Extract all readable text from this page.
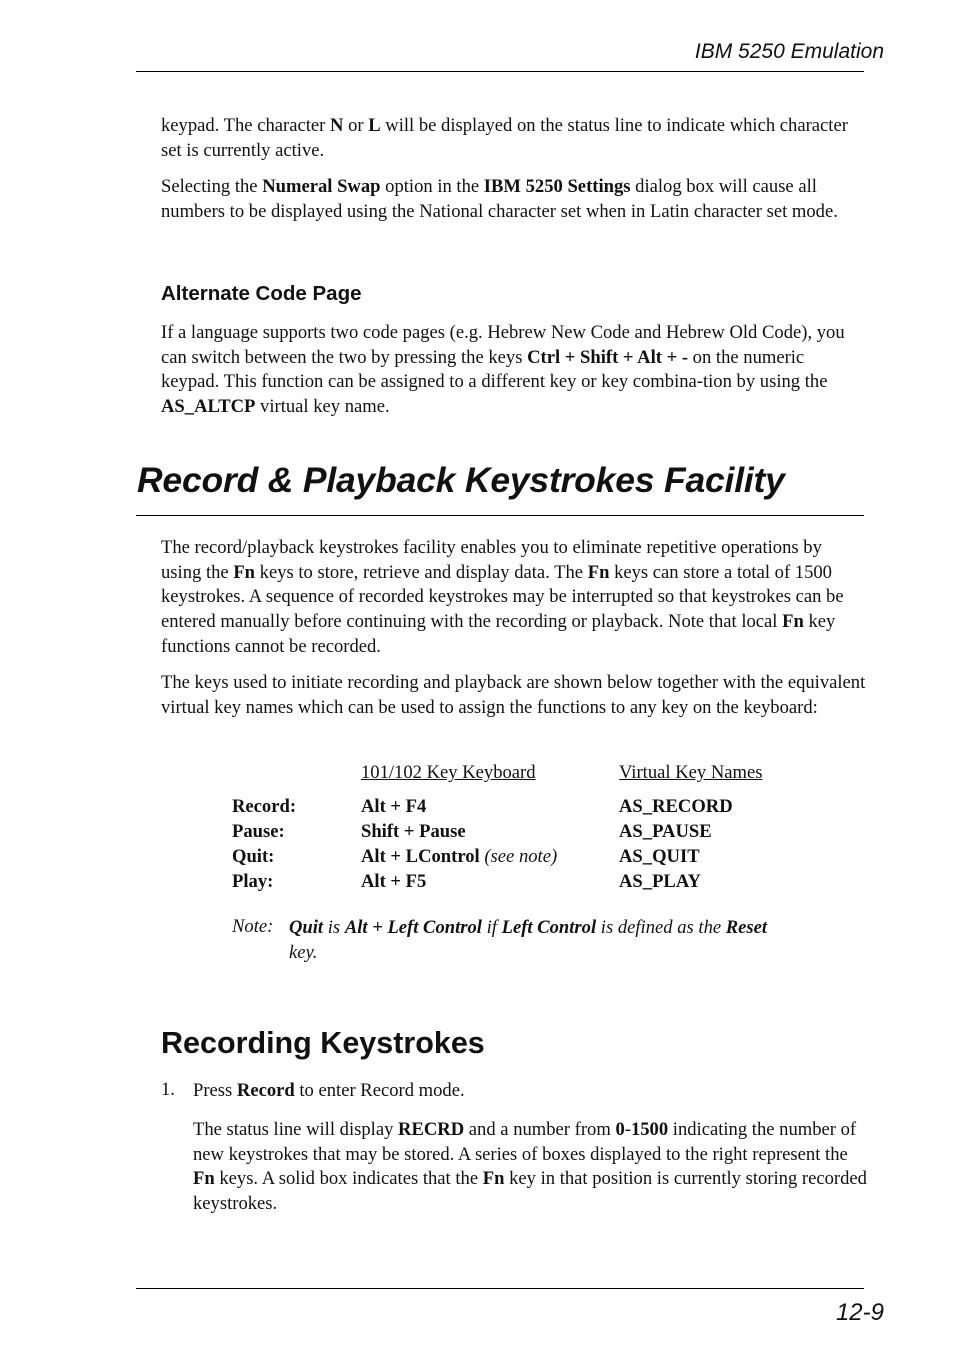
IBM 5250 Emulation
keypad. The character N or L will be displayed on the status line to indicate which character set is currently active.
Selecting the Numeral Swap option in the IBM 5250 Settings dialog box will cause all numbers to be displayed using the National character set when in Latin character set mode.
Alternate Code Page
If a language supports two code pages (e.g. Hebrew New Code and Hebrew Old Code), you can switch between the two by pressing the keys Ctrl + Shift + Alt + - on the numeric keypad. This function can be assigned to a different key or key combina-tion by using the AS_ALTCP virtual key name.
Record & Playback Keystrokes Facility
The record/playback keystrokes facility enables you to eliminate repetitive operations by using the Fn keys to store, retrieve and display data. The Fn keys can store a total of 1500 keystrokes. A sequence of recorded keystrokes may be interrupted so that keystrokes can be entered manually before continuing with the recording or playback. Note that local Fn key functions cannot be recorded.
The keys used to initiate recording and playback are shown below together with the equivalent virtual key names which can be used to assign the functions to any key on the keyboard:
101/102 Key Keyboard	Virtual Key Names
Record:	Alt + F4	AS_RECORD
Pause:	Shift + Pause	AS_PAUSE
Quit:	Alt + LControl (see note)	AS_QUIT
Play:	Alt + F5	AS_PLAY
Note: Quit is Alt + Left Control if Left Control is defined as the Reset key.
Recording Keystrokes
1. Press Record to enter Record mode.
The status line will display RECRD and a number from 0-1500 indicating the number of new keystrokes that may be stored. A series of boxes displayed to the right represent the Fn keys. A solid box indicates that the Fn key in that position is currently storing recorded keystrokes.
12-9
